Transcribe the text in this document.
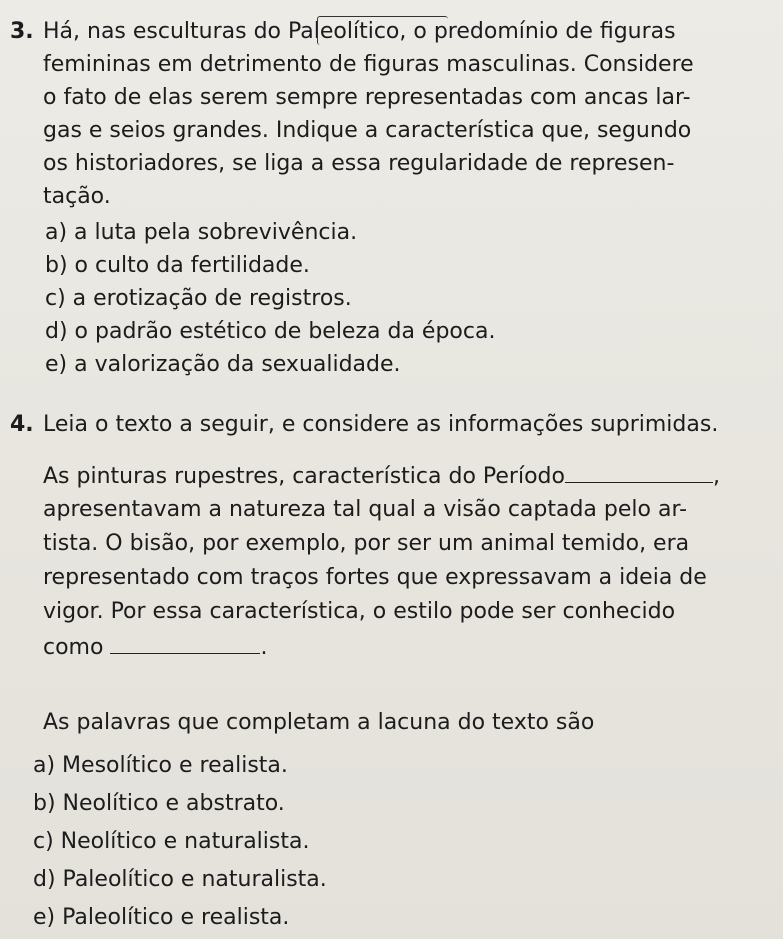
3. Há, nas esculturas do Paleolítico, o predomínio de figuras
femininas em detrimento de figuras masculinas. Considere
o fato de elas serem sempre representadas com ancas lar-
gas e seios grandes. Indique a característica que, segundo
os historiadores, se liga a essa regularidade de represen-
tação.
a) a luta pela sobrevivência.
b) o culto da fertilidade.
c) a erotização de registros.
d) o padrão estético de beleza da época.
e) a valorização da sexualidade.
4. Leia o texto a seguir, e considere as informações suprimidas.
As pinturas rupestres, característica do Período	,
apresentavam a natureza tal qual a visão captada pelo ar-
tista. O bisão, por exemplo, por ser um animal temido, era
representado com traços fortes que expressavam a ideia de
vigor. Por essa característica, o estilo pode ser conhecido
como	.
As palavras que completam a lacuna do texto são
a) Mesolítico e realista.
b) Neolítico e abstrato.
c) Neolítico e naturalista.
d) Paleolítico e naturalista.
e) Paleolítico e realista.
